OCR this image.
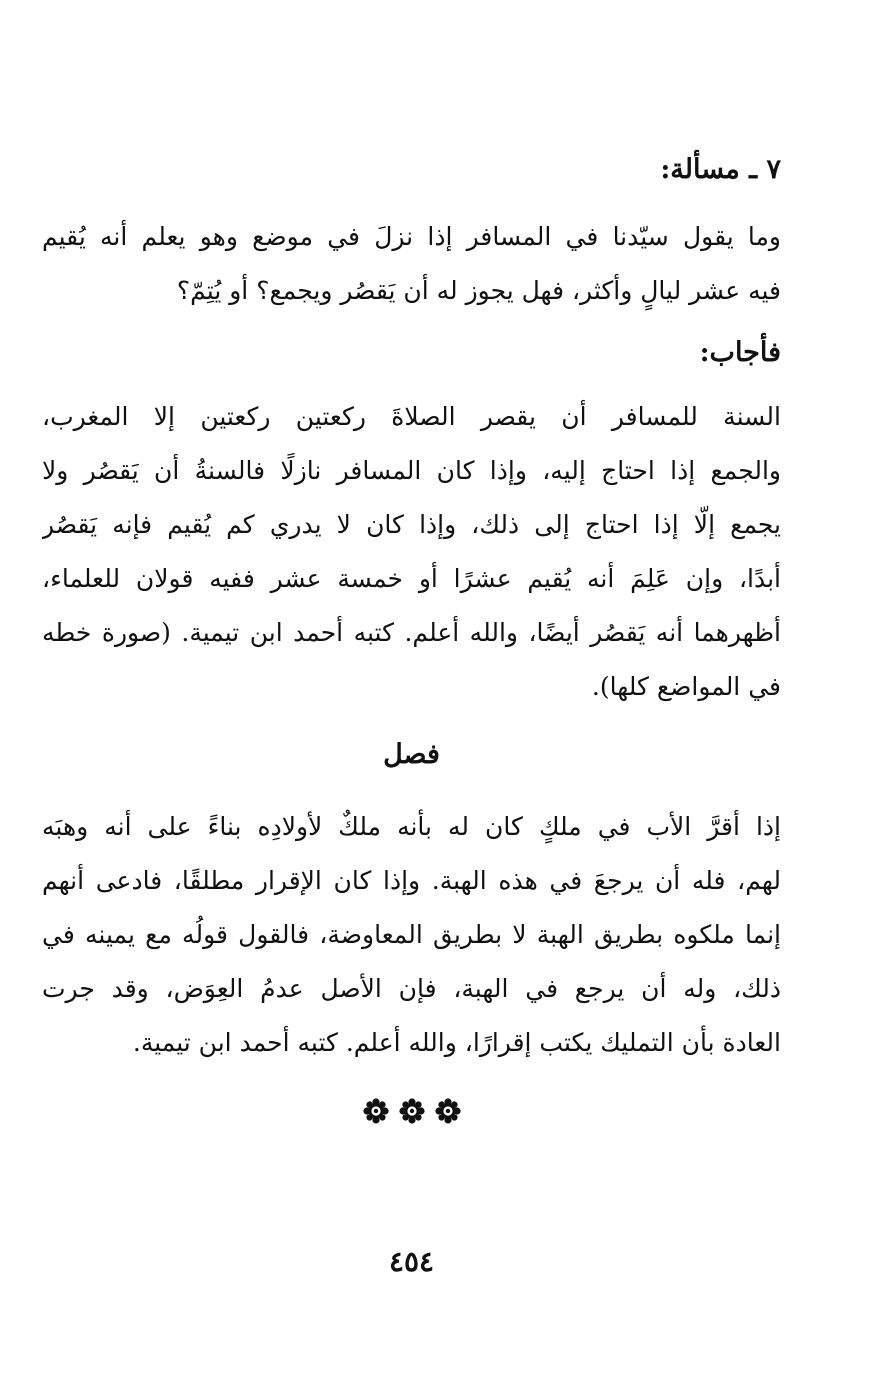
٧ ـ مسألة:
وما يقول سيّدنا في المسافر إذا نزلَ في موضع وهو يعلم أنه يُقيم
فيه عشر ليالٍ وأكثر، فهل يجوز له أن يَقصُر ويجمع؟ أو يُتِمّ؟
فأجاب:
السنة للمسافر أن يقصر الصلاةَ ركعتين ركعتين إلا المغرب،
والجمع إذا احتاج إليه، وإذا كان المسافر نازلًا فالسنةُ أن يَقصُر ولا
يجمع إلّا إذا احتاج إلى ذلك، وإذا كان لا يدري كم يُقيم فإنه يَقصُر
أبدًا، وإن عَلِمَ أنه يُقيم عشرًا أو خمسة عشر ففيه قولان للعلماء،
أظهرهما أنه يَقصُر أيضًا، والله أعلم. كتبه أحمد ابن تيمية. (صورة خطه
في المواضع كلها).
فصل
إذا أقرَّ الأب في ملكٍ كان له بأنه ملكٌ لأولادِه بناءً على أنه وهبَه
لهم، فله أن يرجعَ في هذه الهبة. وإذا كان الإقرار مطلقًا، فادعى أنهم
إنما ملكوه بطريق الهبة لا بطريق المعاوضة، فالقول قولُه مع يمينه في
ذلك، وله أن يرجع في الهبة، فإن الأصل عدمُ العِوَض، وقد جرت
العادة بأن التمليك يكتب إقرارًا، والله أعلم. كتبه أحمد ابن تيمية.
٤٥٤
